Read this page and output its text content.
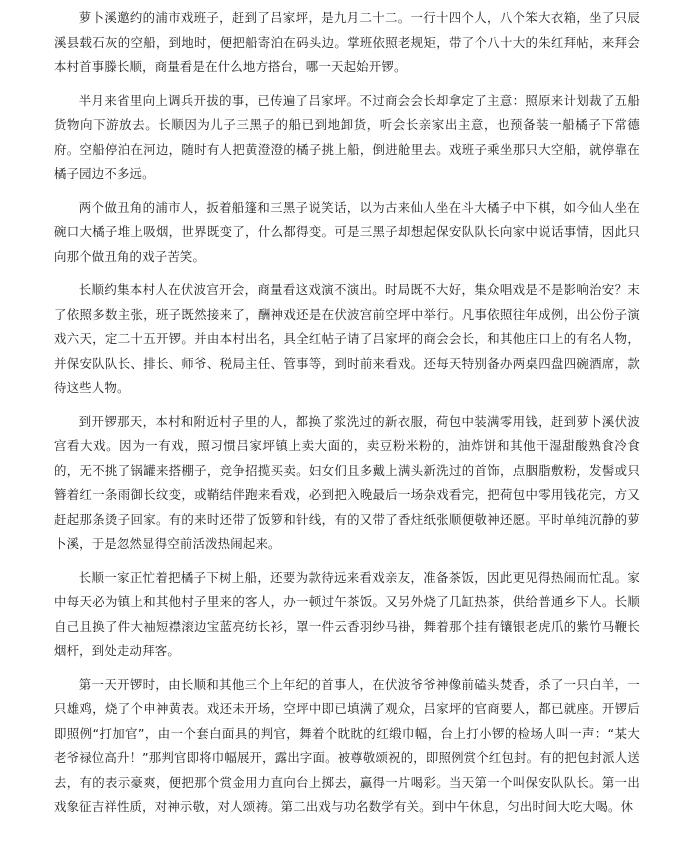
萝卜溪邀约的浦市戏班子，赶到了吕家坪，是九月二十二。一行十四个人，八个笨大衣箱，坐了只辰溪县载石灰的空船，到地时，便把船寄泊在码头边。掌班依照老规矩，带了个八十大的朱红拜帖，来拜会本村首事滕长顺，商量看是在什么地方搭台，哪一天起始开锣。

半月来省里向上调兵开拔的事，已传遍了吕家坪。不过商会会长却拿定了主意：照原来计划裁了五船货物向下游放去。长顺因为儿子三黑子的船已到地卸货，听会长亲家出主意，也预备装一船橘子下常德府。空船停泊在河边，随时有人把黄澄澄的橘子挑上船，倒进舱里去。戏班子乘坐那只大空船，就停靠在橘子园边不多远。

两个做丑角的浦市人，扳着船篷和三黑子说笑话，以为古来仙人坐在斗大橘子中下棋，如今仙人坐在碗口大橘子堆上吸烟，世界既变了，什么都得变。可是三黑子却想起保安队队长向家中说话事情，因此只向那个做丑角的戏子苦笑。

长顺约集本村人在伏波宫开会，商量看这戏演不演出。时局既不大好，集众唱戏是不是影响治安？末了依照多数主张，班子既然接来了，酬神戏还是在伏波宫前空坪中举行。凡事依照往年成例，出公份子演戏六天，定二十五开锣。并由本村出名，具全红帖子请了吕家坪的商会会长，和其他庄口上的有名人物，并保安队队长、排长、师爷、税局主任、管事等，到时前来看戏。还每天特别备办两桌四盘四碗酒席，款待这些人物。

到开锣那天，本村和附近村子里的人，都换了浆洗过的新衣服，荷包中装满零用钱，赶到萝卜溪伏波宫看大戏。因为一有戏，照习惯吕家坪镇上卖大面的，卖豆粉米粉的，油炸饼和其他干湿甜酸熟食冷食的，无不挑了锅罐来搭棚子，竞争招揽买卖。妇女们且多戴上满头新洗过的首饰，点胭脂敷粉，发髻或只簪着红一条雨御长纹变，或鞘结伴跑来看戏，必到把入晚最后一场杂戏看完，把荷包中零用钱花完，方又赶起那条烫子回家。有的来时还带了饭箩和针线，有的又带了香炷纸张顺便敬神还愿。平时单纯沉静的萝卜溪，于是忽然显得空前活泼热闹起来。

长顺一家正忙着把橘子下树上船，还要为款待远来看戏亲友，准备茶饭，因此更见得热闹而忙乱。家中每天必为镇上和其他村子里来的客人，办一顿过午茶饭。又另外烧了几缸热茶，供给普通乡下人。长顺自己且换了件大袖短襟滚边宝蓝亮纺长衫，罩一件云香羽纱马褂，舞着那个挂有镶银老虎爪的紫竹马鞭长烟杆，到处走动拜客。

第一天开锣时，由长顺和其他三个上年纪的首事人，在伏波爷爷神像前磕头焚香，杀了一只白羊，一只雄鸡，烧了个申神黄表。戏还未开场，空坪中即已填满了观众，吕家坪的官商要人，都已就座。开锣后即照例“打加官”，由一个套白面具的判官，舞着个眈眈的红缎巾幅，台上打小锣的检场人叫一声：“某大老爷禄位高升！”那判官即将巾幅展开，露出字面。被尊敬颂祝的，即照例赏个红包封。有的把包封派人送去，有的表示豪爽，便把那个赏金用力直向台上掷去，赢得一片喝彩。当天第一个叫保安队队长。第一出戏象征吉祥性质，对神示敬，对人颂祷。第二出戏与功名数学有关。到中午休息，匀出时间大吃大喝。休
